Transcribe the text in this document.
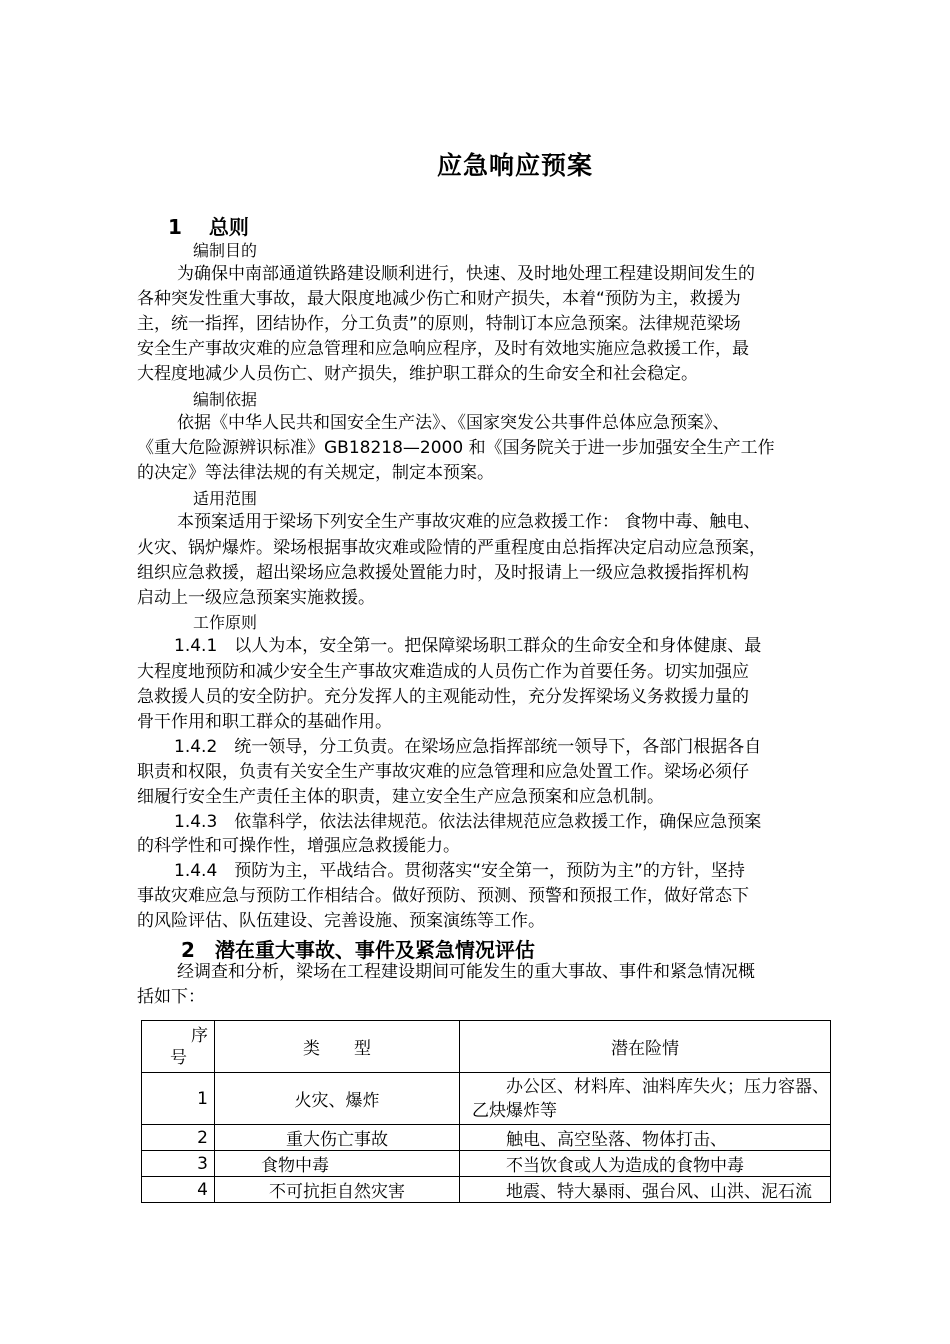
应急响应预案
1　 总则
编制目的
为确保中南部通道铁路建设顺利进行，快速、及时地处理工程建设期间发生的
各种突发性重大事故，最大限度地减少伤亡和财产损失，本着“预防为主，救援为
主，统一指挥，团结协作，分工负责”的原则，特制订本应急预案。法律规范梁场
安全生产事故灾难的应急管理和应急响应程序，及时有效地实施应急救援工作，最
大程度地减少人员伤亡、财产损失，维护职工群众的生命安全和社会稳定。
编制依据
依据《中华人民共和国安全生产法》、《国家突发公共事件总体应急预案》、
《重大危险源辨识标准》GB18218—2000 和《国务院关于进一步加强安全生产工作
的决定》等法律法规的有关规定，制定本预案。
适用范围
本预案适用于梁场下列安全生产事故灾难的应急救援工作： 食物中毒、触电、
火灾、锅炉爆炸。梁场根据事故灾难或险情的严重程度由总指挥决定启动应急预案，
组织应急救援，超出梁场应急救援处置能力时，及时报请上一级应急救援指挥机构
启动上一级应急预案实施救援。
工作原则
1.4.1　以人为本，安全第一。把保障梁场职工群众的生命安全和身体健康、最
大程度地预防和减少安全生产事故灾难造成的人员伤亡作为首要任务。切实加强应
急救援人员的安全防护。充分发挥人的主观能动性，充分发挥梁场义务救援力量的
骨干作用和职工群众的基础作用。
1.4.2　统一领导，分工负责。在梁场应急指挥部统一领导下，各部门根据各自
职责和权限，负责有关安全生产事故灾难的应急管理和应急处置工作。梁场必须仔
细履行安全生产责任主体的职责，建立安全生产应急预案和应急机制。
1.4.3　依靠科学，依法法律规范。依法法律规范应急救援工作，确保应急预案
的科学性和可操作性，增强应急救援能力。
1.4.4　预防为主，平战结合。贯彻落实“安全第一，预防为主”的方针，坚持
事故灾难应急与预防工作相结合。做好预防、预测、预警和预报工作，做好常态下
的风险评估、队伍建设、完善设施、预案演练等工作。
2　潜在重大事故、事件及紧急情况评估
经调查和分析，梁场在工程建设期间可能发生的重大事故、事件和紧急情况概
括如下：
序
号	类　　型	潜在险情
1	火灾、爆炸	　　办公区、材料库、油料库失火；压力容器、
乙炔爆炸等

2	重大伤亡事故	　　触电、高空坠落、物体打击、
3	食物中毒	　　不当饮食或人为造成的食物中毒
4	不可抗拒自然灾害	　　地震、特大暴雨、强台风、山洪、泥石流
